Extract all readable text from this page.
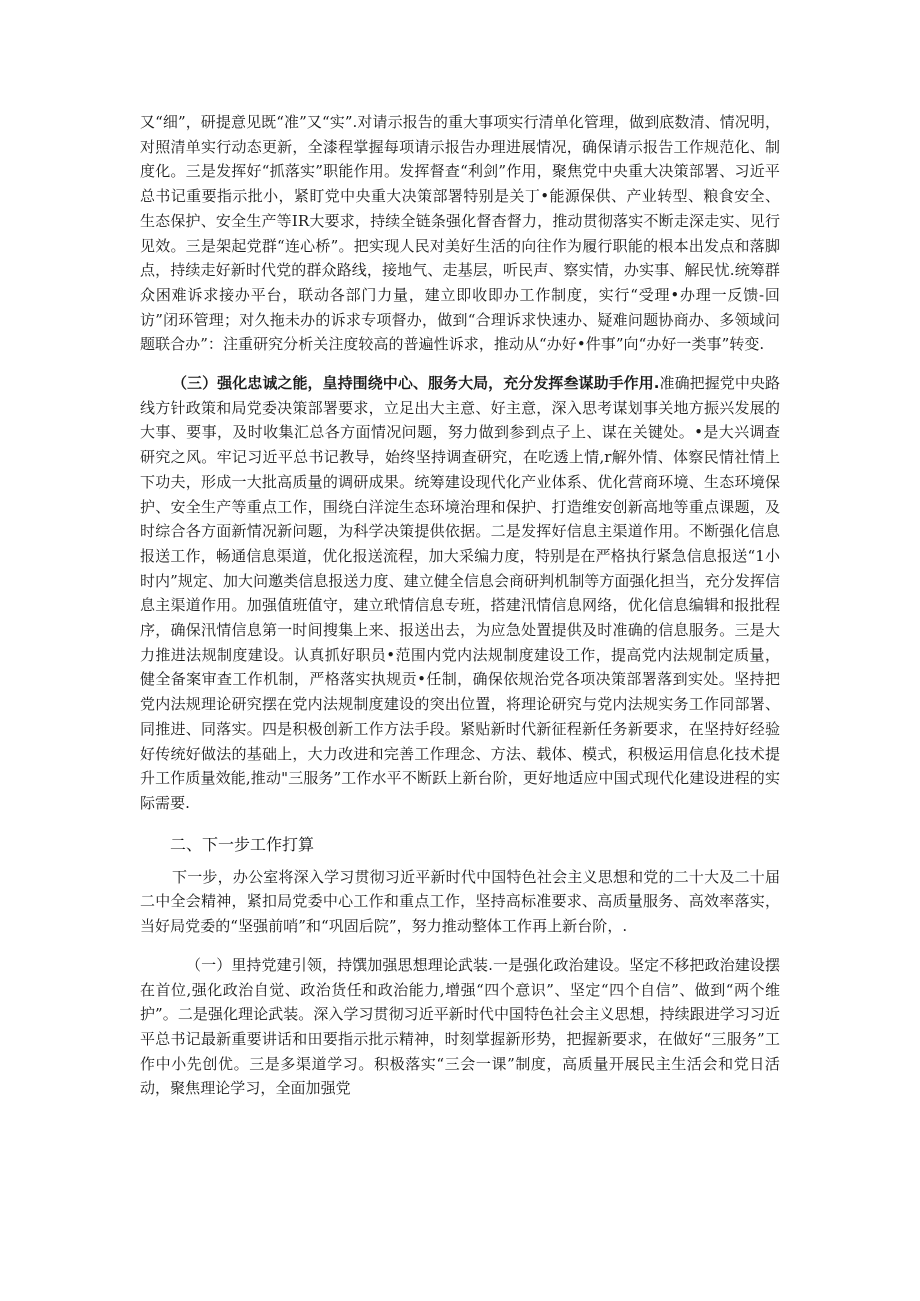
又“细”，研提意见既“准”又“实”.对请示报告的重大事项实行清单化管理，做到底数清、情况明，对照清单实行动态更新，全漆程掌握每项请示报告办理进展情况，确保请示报告工作规范化、制度化。三是发挥好“抓落实”职能作用。发挥督查“利剑”作用，聚焦党中央重大决策部署、习近平总书记重要指示批小，紧盯党中央重大决策部署特别是关丁•能源保供、产业转型、粮食安全、生态保护、安全生产等IR大要求，持续全链条强化督杳督力，推动贯彻落实不断走深走实、见行见效。三是架起党群“连心桥”。把实现人民对美好生活的向往作为履行职能的根本出发点和落脚点，持续走好新时代党的群众路线，接地气、走基层，听民声、察实情，办实事、解民忧.统筹群众困难诉求接办平台，联动各部门力量，建立即收即办工作制度，实行“受理•办理一反馈-回访”闭环管理；对久拖未办的诉求专项督办，做到“合理诉求快速办、疑难问题协商办、多领域问题联合办”：注重研究分析关注度较高的普遍性诉求，推动从“办好•件事”向“办好一类事”转变.

（三）强化忠诚之能，皇持围绕中心、服务大局，充分发挥叁谋助手作用.准确把握党中央路线方针政策和局党委决策部署要求，立足出大主意、好主意，深入思考谋划事关地方振兴发展的大事、要事，及时收集汇总各方面情况问题，努力做到参到点子上、谋在关键处。•是大兴调查研究之风。牢记习近平总书记教导，始终坚持调查研究，在吃透上情,r解外情、体察民情社情上下功夫，形成一大批高质量的调研成果。统筹建设现代化产业体系、优化营商环境、生态环境保护、安全生产等重点工作，围绕白洋淀生态环境治理和保护、打造维安创新高地等重点课题，及时综合各方面新情况新问题，为科学决策提供依据。二是发挥好信息主渠道作用。不断强化信息报送工作，畅通信息渠道，优化报送流程，加大采编力度，特别是在严格执行紧急信息报送“1小时内”规定、加大问邀类信息报送力度、建立健全信息会商研判机制等方面强化担当，充分发挥信息主渠道作用。加强值班值守，建立玳情信息专班，搭建汛情信息网络，优化信息编辑和报批程序，确保汛情信息第一时间搜集上来、报送出去，为应急处置提供及时准确的信息服务。三是大力推进法规制度建设。认真抓好职员•范围内党内法规制度建设工作，提高党内法规制定质量，健全备案审查工作机制，严格落实执规贡•任制，确保依规治党各项决策部署落到实处。坚持把党内法规理论研究摆在党内法规制度建设的突出位置，将理论研究与党内法规实务工作同部署、同推进、同落实。四是积极创新工作方法手段。紧贴新时代新征程新任务新要求，在坚持好经验好传统好做法的基础上，大力改进和完善工作理念、方法、载体、模式，积极运用信息化技术提升工作质量效能,推动"三服务”工作水平不断跃上新台阶，更好地适应中国式现代化建设进程的实际需要.

二、下一步工作打算

下一步，办公室将深入学习贯彻习近平新时代中国特色社会主义思想和党的二十大及二十届二中全会精神，紧扣局党委中心工作和重点工作，坚持高标准要求、高质量服务、高效率落实，当好局党委的“坚强前哨”和“巩固后院”，努力推动整体工作再上新台阶，.

（一）里持党建引领，持馔加强思想理论武装.一是强化政治建设。坚定不移把政治建设摆在首位,强化政治自觉、政治货任和政治能力,增强“四个意识”、坚定“四个自信”、做到“两个维护”。二是强化理论武装。深入学习贯彻习近平新时代中国特色社会主义思想，持续跟进学习习近平总书记最新重要讲话和田要指示批示精神，时刻掌握新形势，把握新要求，在做好“三服务”工作中小先创优。三是多渠道学习。积极落实“三会一课”制度，高质量开展民主生活会和党日活动，聚焦理论学习，全面加强党
